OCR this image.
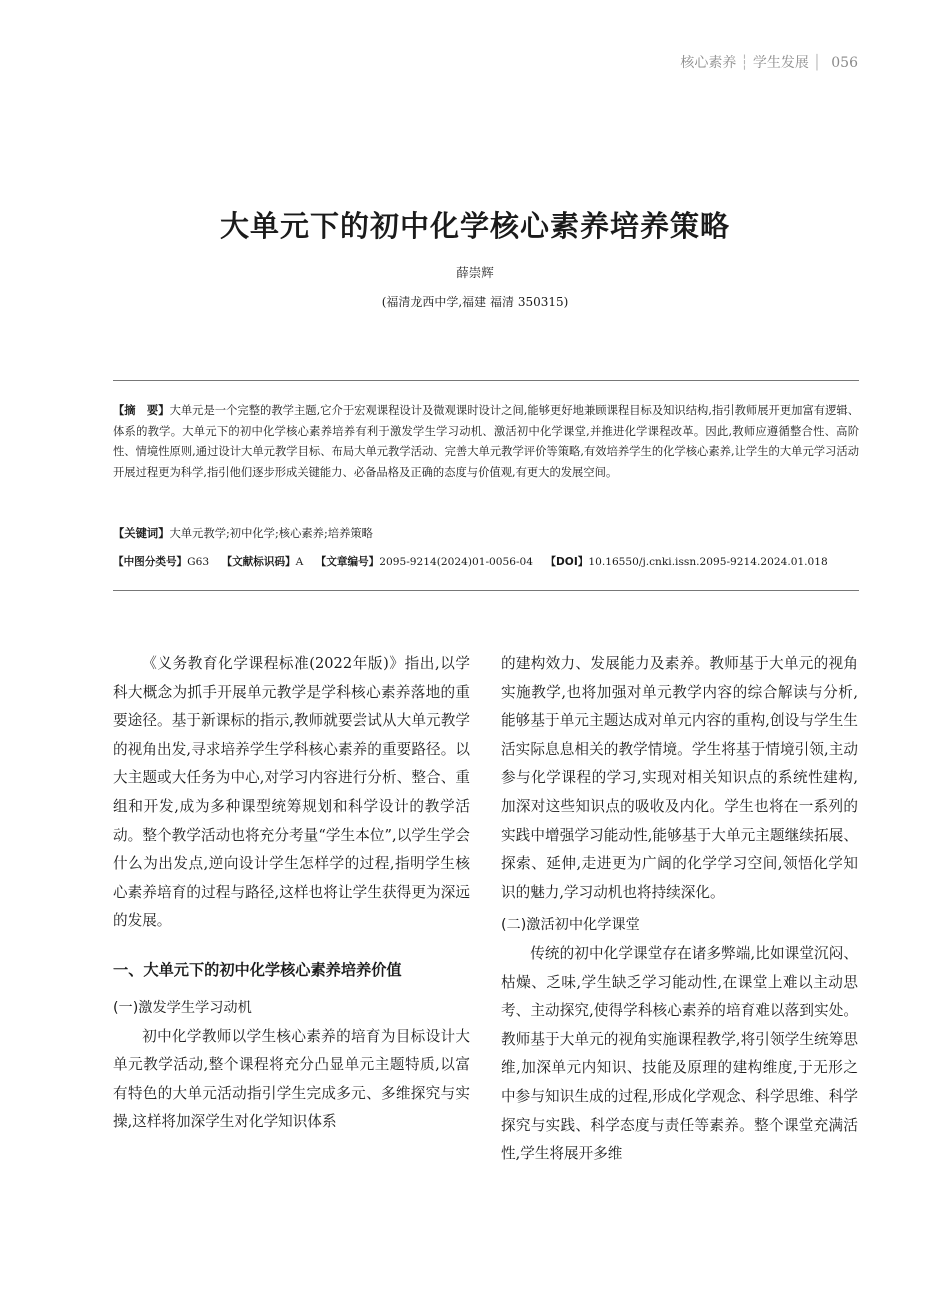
核心素养 ┆ 学生发展 │ 056
大单元下的初中化学核心素养培养策略
薛崇辉
(福清龙西中学,福建 福清 350315)
【摘　要】大单元是一个完整的教学主题,它介于宏观课程设计及微观课时设计之间,能够更好地兼顾课程目标及知识结构,指引教师展开更加富有逻辑、体系的教学。大单元下的初中化学核心素养培养有利于激发学生学习动机、激活初中化学课堂,并推进化学课程改革。因此,教师应遵循整合性、高阶性、情境性原则,通过设计大单元教学目标、布局大单元教学活动、完善大单元教学评价等策略,有效培养学生的化学核心素养,让学生的大单元学习活动开展过程更为科学,指引他们逐步形成关键能力、必备品格及正确的态度与价值观,有更大的发展空间。
【关键词】大单元教学;初中化学;核心素养;培养策略
【中图分类号】G63 【文献标识码】A 【文章编号】2095-9214(2024)01-0056-04 【DOI】10.16550/j.cnki.issn.2095-9214.2024.01.018

《义务教育化学课程标准(2022年版)》指出,以学科大概念为抓手开展单元教学是学科核心素养落地的重要途径。基于新课标的指示,教师就要尝试从大单元教学的视角出发,寻求培养学生学科核心素养的重要路径。以大主题或大任务为中心,对学习内容进行分析、整合、重组和开发,成为多种课型统筹规划和科学设计的教学活动。整个教学活动也将充分考量“学生本位”,以学生学会什么为出发点,逆向设计学生怎样学的过程,指明学生核心素养培育的过程与路径,这样也将让学生获得更为深远的发展。

一、大单元下的初中化学核心素养培养价值
(一)激发学生学习动机

初中化学教师以学生核心素养的培育为目标设计大单元教学活动,整个课程将充分凸显单元主题特质,以富有特色的大单元活动指引学生完成多元、多维探究与实操,这样将加深学生对化学知识体系

的建构效力、发展能力及素养。教师基于大单元的视角实施教学,也将加强对单元教学内容的综合解读与分析,能够基于单元主题达成对单元内容的重构,创设与学生生活实际息息相关的教学情境。学生将基于情境引领,主动参与化学课程的学习,实现对相关知识点的系统性建构,加深对这些知识点的吸收及内化。学生也将在一系列的实践中增强学习能动性,能够基于大单元主题继续拓展、探索、延伸,走进更为广阔的化学学习空间,领悟化学知识的魅力,学习动机也将持续深化。

(二)激活初中化学课堂

传统的初中化学课堂存在诸多弊端,比如课堂沉闷、枯燥、乏味,学生缺乏学习能动性,在课堂上难以主动思考、主动探究,使得学科核心素养的培育难以落到实处。教师基于大单元的视角实施课程教学,将引领学生统筹思维,加深单元内知识、技能及原理的建构维度,于无形之中参与知识生成的过程,形成化学观念、科学思维、科学探究与实践、科学态度与责任等素养。整个课堂充满活性,学生将展开多维
